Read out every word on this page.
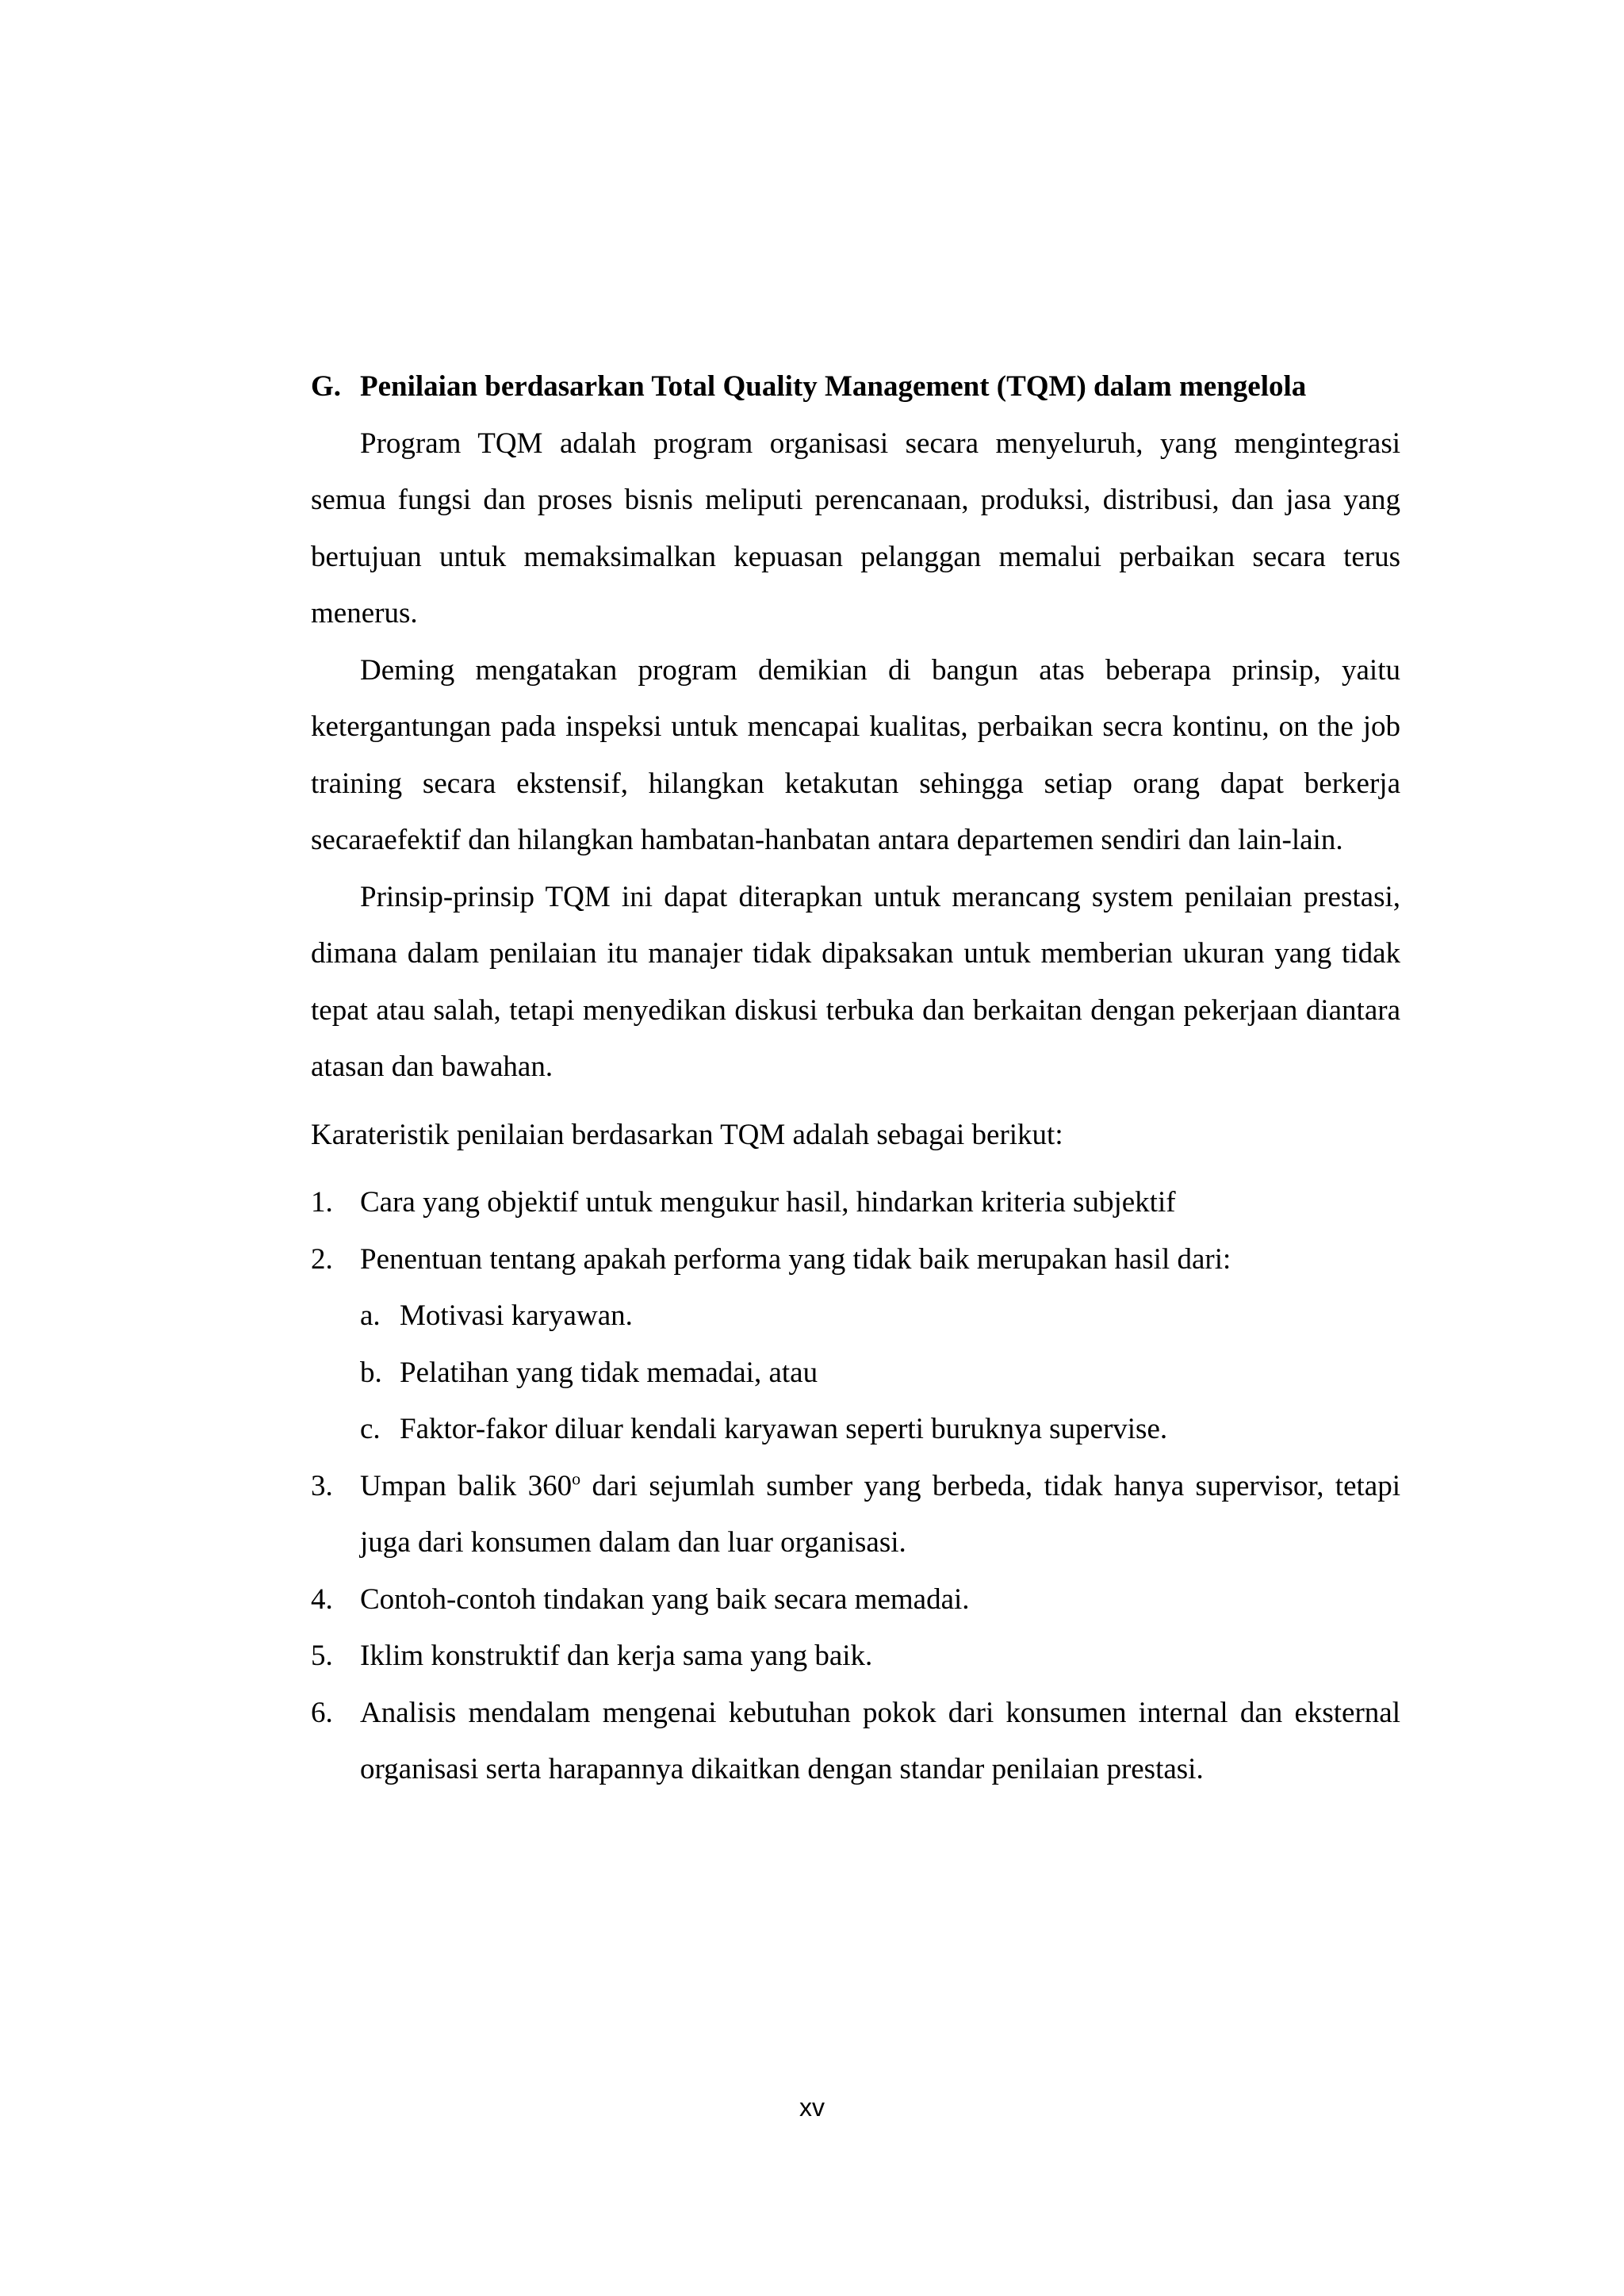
G. Penilaian berdasarkan Total Quality Management (TQM) dalam mengelola

Program TQM adalah program organisasi secara menyeluruh, yang mengintegrasi semua fungsi dan proses bisnis meliputi perencanaan, produksi, distribusi, dan jasa yang bertujuan untuk memaksimalkan kepuasan pelanggan memalui perbaikan secara terus menerus.

Deming mengatakan program demikian di bangun atas beberapa prinsip, yaitu ketergantungan pada inspeksi untuk mencapai kualitas, perbaikan secra kontinu, on the job training secara ekstensif, hilangkan ketakutan sehingga setiap orang dapat berkerja secaraefektif dan hilangkan hambatan-hanbatan antara departemen sendiri dan lain-lain.

Prinsip-prinsip TQM ini dapat diterapkan untuk merancang system penilaian prestasi, dimana dalam penilaian itu manajer tidak dipaksakan untuk memberian ukuran yang tidak tepat atau salah, tetapi menyedikan diskusi terbuka dan berkaitan dengan pekerjaan diantara atasan dan bawahan.

Karateristik penilaian berdasarkan TQM adalah sebagai berikut:

1. Cara yang objektif untuk mengukur hasil, hindarkan kriteria subjektif
2. Penentuan tentang apakah performa yang tidak baik merupakan hasil dari:
a. Motivasi karyawan.
b. Pelatihan yang tidak memadai, atau
c. Faktor-fakor diluar kendali karyawan seperti buruknya supervise.
3. Umpan balik 360$^o$ dari sejumlah sumber yang berbeda, tidak hanya supervisor, tetapi juga dari konsumen dalam dan luar organisasi.
4. Contoh-contoh tindakan yang baik secara memadai.
5. Iklim konstruktif dan kerja sama yang baik.
6. Analisis mendalam mengenai kebutuhan pokok dari konsumen internal dan eksternal organisasi serta harapannya dikaitkan dengan standar penilaian prestasi.
xv
